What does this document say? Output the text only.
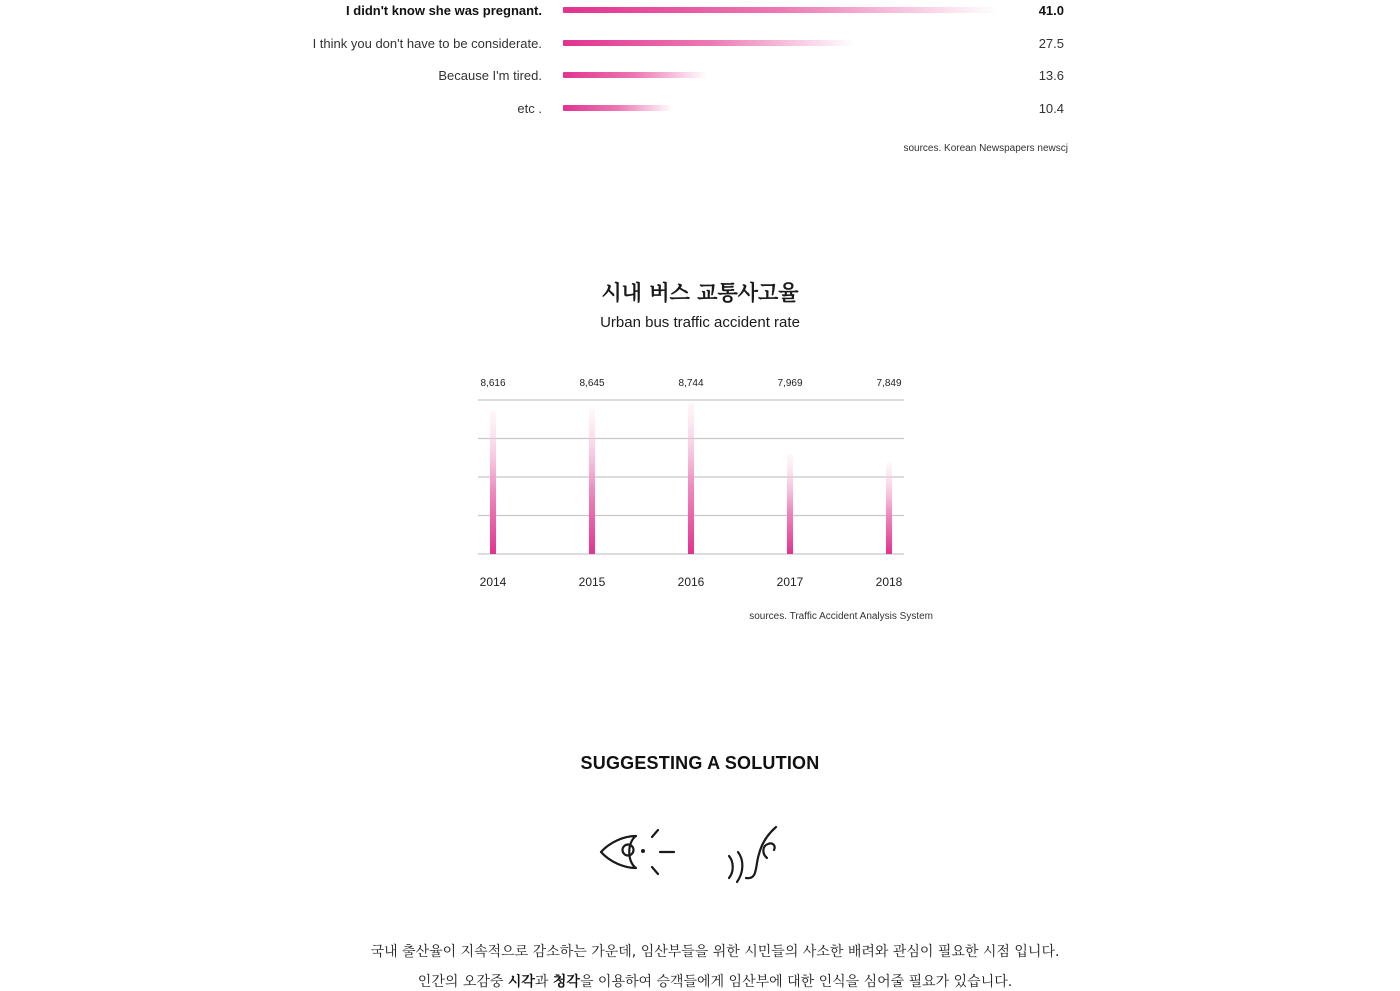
I didn't know she was pregnant.	41.0
I think you don't have to be considerate.	27.5
Because I'm tired.	13.6
etc .	10.4
sources. Korean Newspapers newscj
시내 버스 교통사고율
Urban bus traffic accident rate
8,616	8,645	8,744	7,969	7,849
2014	2015	2016	2017	2018
sources. Traffic Accident Analysis System
SUGGESTING A SOLUTION

국내 출산율이 지속적으로 감소하는 가운데, 임산부들을 위한 시민들의 사소한 배려와 관심이 필요한 시점 입니다.

인간의 오감중 시각과 청각을 이용하여 승객들에게 임산부에 대한 인식을 심어줄 필요가 있습니다.
